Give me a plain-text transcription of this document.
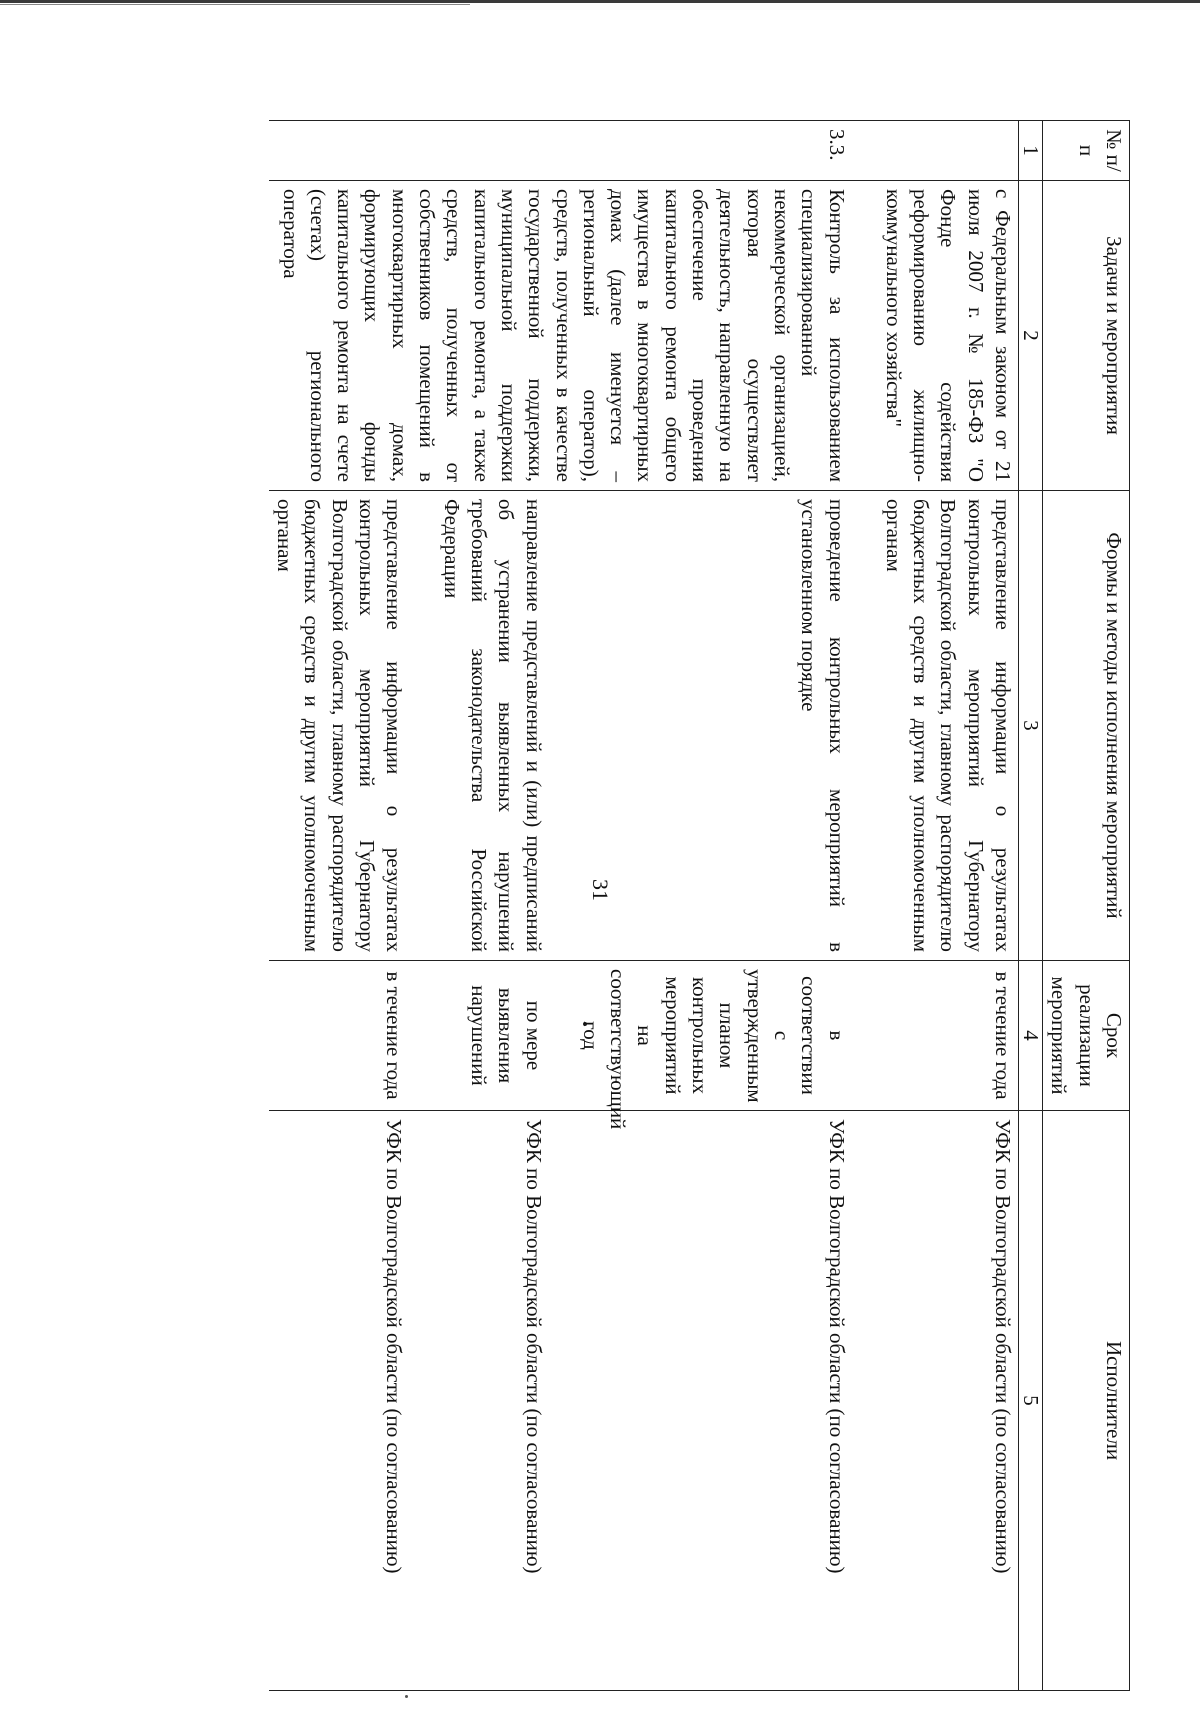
31
№ п/п	Задачи и мероприятия	Формы и методы исполнения мероприятий	Срок реализации мероприятий	Исполнители
1	2	3	4	5
	с Федеральным законом от 21 июля 2007 г. № 185-ФЗ "О Фонде содействия реформированию жилищно-коммунального хозяйства"	представление информации о результатах контрольных мероприятий Губернатору Волгоградской области, главному распорядителю бюджетных средств и другим уполномоченным органам	в течение года	УФК по Волгоградской области (по согласованию)

3.3.	Контроль за использованием специализированной некоммерческой организацией, которая осуществляет деятельность, направленную на обеспечение проведения капитального ремонта общего имущества в многоквартирных домах (далее именуется – региональный оператор), средств, полученных в качестве государственной поддержки, муниципальной поддержки капитального ремонта, а также средств, полученных от собственников помещений в многоквартирных домах, формирующих фонды капитального ремонта на счете (счетах) регионального оператора	проведение контрольных мероприятий в установленном порядке	в соответствии с утвержденным планом контрольных мероприятий на соответствующий год	УФК по Волгоградской области (по согласованию)

		направление представлений и (или) предписаний об устранении выявленных нарушений требований законодательства Российской Федерации	по мере выявления нарушений	УФК по Волгоградской области (по согласованию)

		представление информации о результатах контрольных мероприятий Губернатору Волгоградской области, главному распорядителю бюджетных средств и другим уполномоченным органам	в течение года	УФК по Волгоградской области (по согласованию)
